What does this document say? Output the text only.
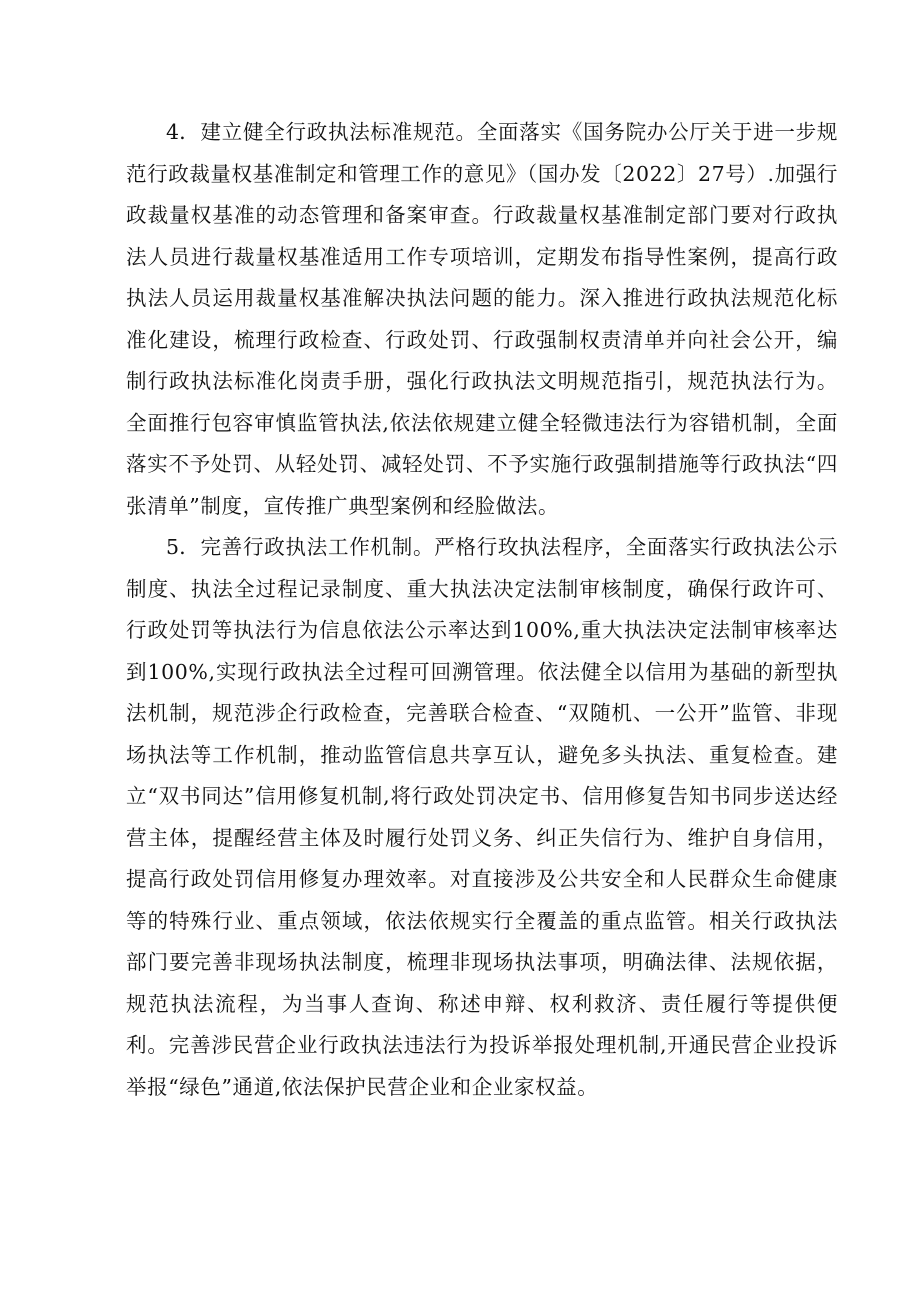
4．建立健全行政执法标准规范。全面落实《国务院办公厅关于进一步规范行政裁量权基准制定和管理工作的意见》（国办发〔2022〕27号）.加强行政裁量权基准的动态管理和备案审查。行政裁量权基准制定部门要对行政执法人员进行裁量权基准适用工作专项培训，定期发布指导性案例，提高行政执法人员运用裁量权基准解决执法问题的能力。深入推进行政执法规范化标准化建设，梳理行政检查、行政处罚、行政强制权责清单并向社会公开，编制行政执法标准化岗责手册，强化行政执法文明规范指引，规范执法行为。全面推行包容审慎监管执法,依法依规建立健全轻微违法行为容错机制，全面落实不予处罚、从轻处罚、减轻处罚、不予实施行政强制措施等行政执法“四张清单”制度，宣传推广典型案例和经脸做法。

5．完善行政执法工作机制。严格行玫执法程序，全面落实行政执法公示制度、执法全过程记录制度、重大执法决定法制审核制度，确保行政许可、行政处罚等执法行为信息依法公示率达到100%,重大执法决定法制审核率达到100%,实现行政执法全过程可回溯管理。依法健全以信用为基础的新型执法机制，规范涉企行政检查，完善联合检查、“双随机、一公开”监管、非现场执法等工作机制，推动监管信息共享互认，避免多头执法、重复检查。建立“双书同达”信用修复机制,将行政处罚决定书、信用修复告知书同步送达经营主体，提醒经营主体及时履行处罚义务、纠正失信行为、维护自身信用，提高行政处罚信用修复办理效率。对直接涉及公共安全和人民群众生命健康等的特殊行业、重点领域，依法依规实行全覆盖的重点监管。相关行政执法部门要完善非现场执法制度，梳理非现场执法事项，明确法律、法规依据，规范执法流程，为当事人查询、称述申辩、权利救济、责任履行等提供便利。完善涉民营企业行政执法违法行为投诉举报处理机制,开通民营企业投诉举报“绿色”通道,依法保护民营企业和企业家权益。
